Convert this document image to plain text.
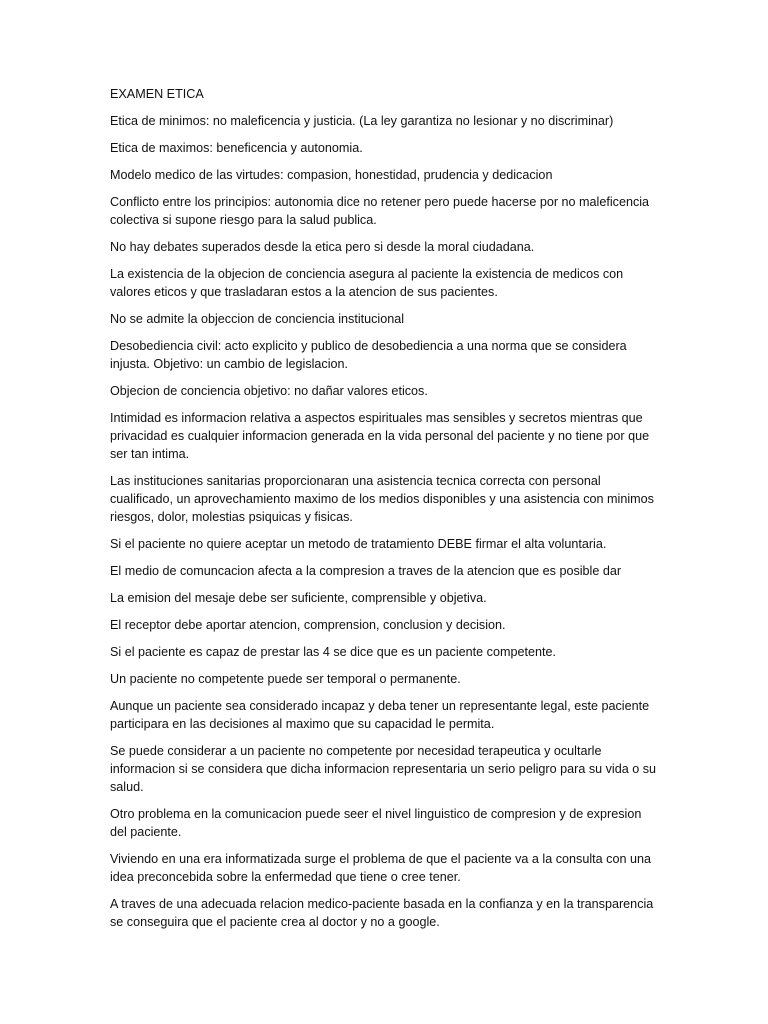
EXAMEN ETICA

Etica de minimos: no maleficencia y justicia. (La ley garantiza no lesionar y no discriminar)

Etica de maximos: beneficencia y autonomia.

Modelo medico de las virtudes: compasion, honestidad, prudencia y dedicacion

Conflicto entre los principios: autonomia dice no retener pero puede hacerse por no maleficencia colectiva si supone riesgo para la salud publica.

No hay debates superados desde la etica pero si desde la moral ciudadana.

La existencia de la objecion de conciencia asegura al paciente la existencia de medicos con valores eticos y que trasladaran estos a la atencion de sus pacientes.

No se admite la objeccion de conciencia institucional

Desobediencia civil: acto explicito y publico de desobediencia a una norma que se considera injusta. Objetivo: un cambio de legislacion.

Objecion de conciencia objetivo: no dañar valores eticos.

Intimidad es informacion relativa a aspectos espirituales mas sensibles y secretos mientras que privacidad es cualquier informacion generada en la vida personal del paciente y no tiene por que ser tan intima.

Las instituciones sanitarias proporcionaran una asistencia tecnica correcta con personal cualificado, un aprovechamiento maximo de los medios disponibles y una asistencia con minimos riesgos, dolor, molestias psiquicas y fisicas.

Si el paciente no quiere aceptar un metodo de tratamiento DEBE firmar el alta voluntaria.

El medio de comuncacion afecta a la compresion a traves de la atencion que es posible dar

La emision del mesaje debe ser suficiente, comprensible y objetiva.

El receptor debe aportar atencion, comprension, conclusion y decision.

Si el paciente es capaz de prestar las 4 se dice que es un paciente competente.

Un paciente no competente puede ser temporal o permanente.

Aunque un paciente sea considerado incapaz y deba tener un representante legal, este paciente participara en las decisiones al maximo que su capacidad le permita.

Se puede considerar a un paciente no competente por necesidad terapeutica y ocultarle informacion si se considera que dicha informacion representaria un serio peligro para su vida o su salud.

Otro problema en la comunicacion puede seer el nivel linguistico de compresion y de expresion del paciente.

Viviendo en una era informatizada surge el problema de que el paciente va a la consulta con una idea preconcebida sobre la enfermedad que tiene o cree tener.

A traves de una adecuada relacion medico-paciente basada en la confianza y en la transparencia se conseguira que el paciente crea al doctor y no a google.
